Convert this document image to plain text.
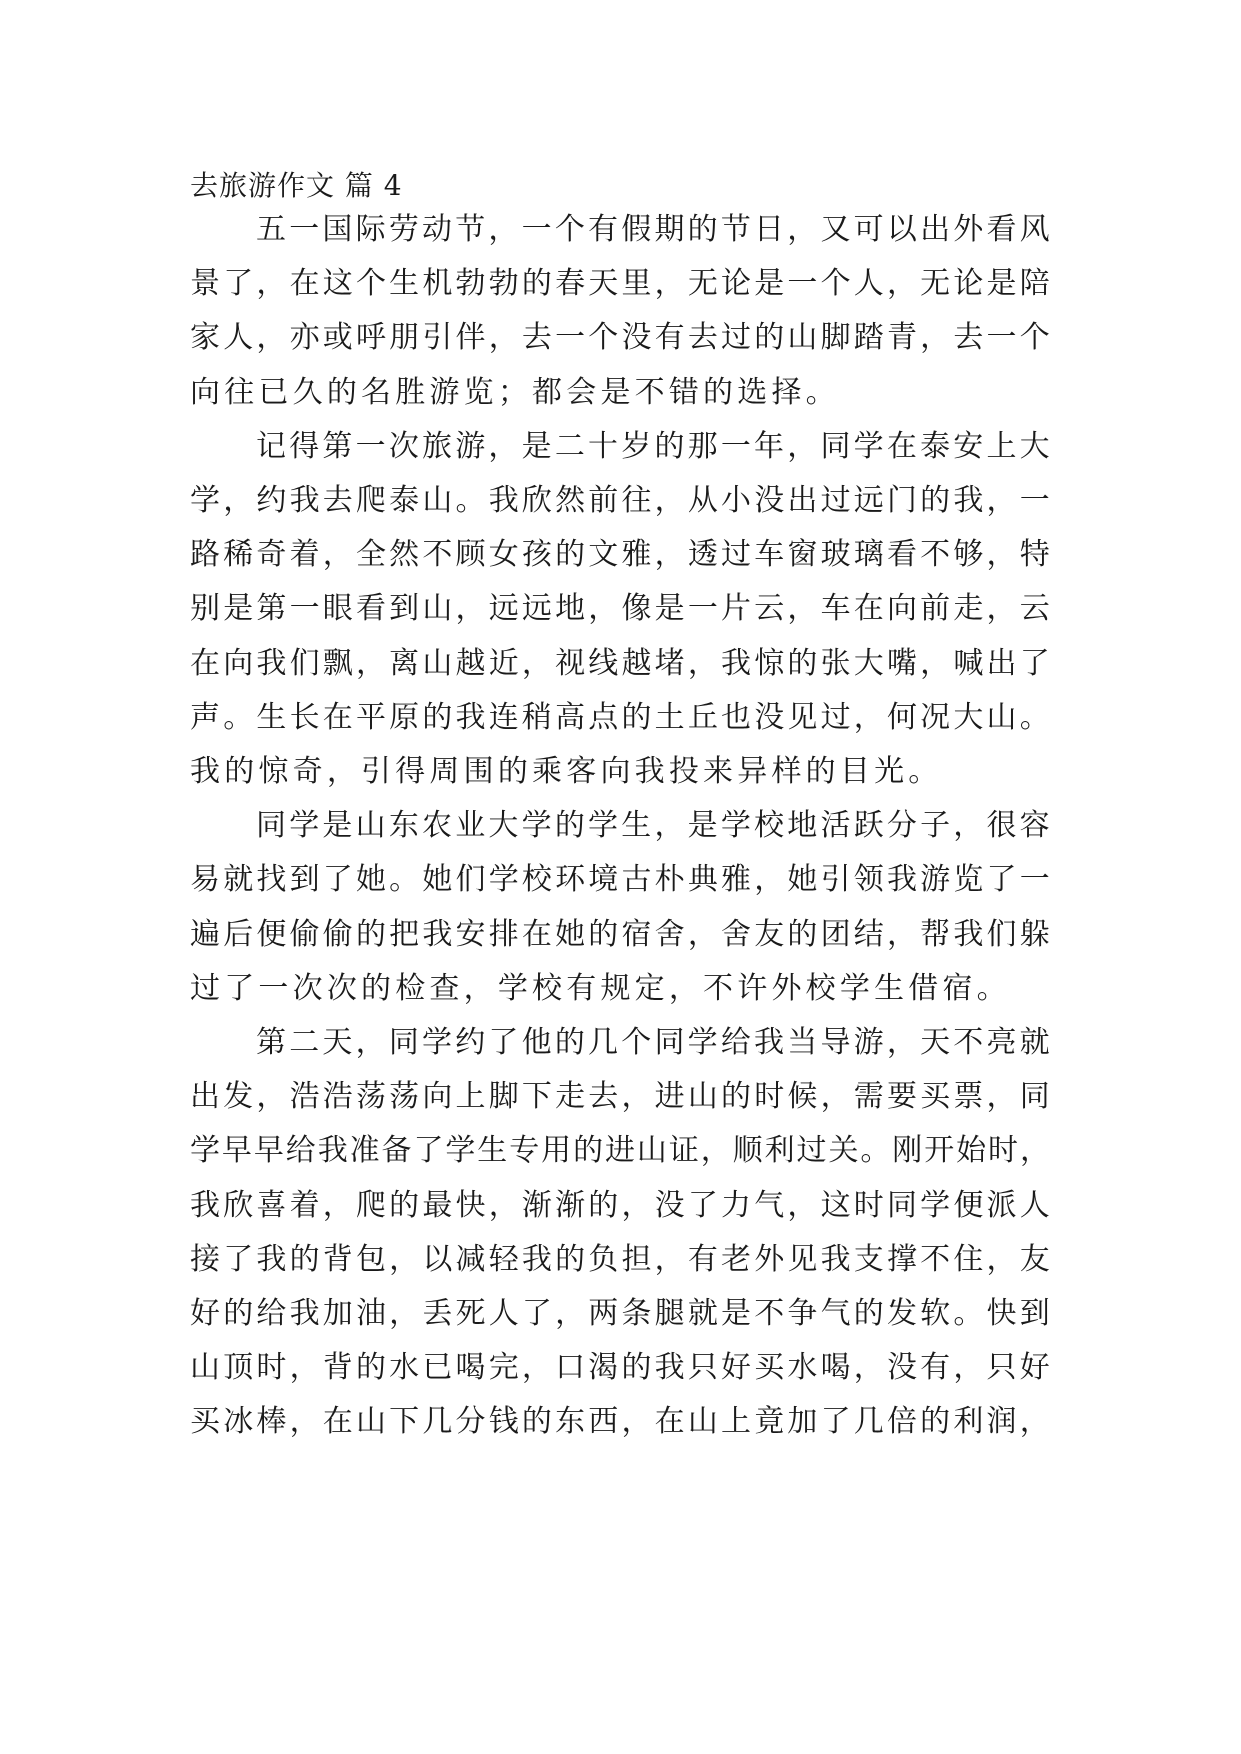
去旅游作文 篇 4
五 一 国 际 劳 动 节 ， 一 个 有 假 期 的 节 日 ， 又 可 以 出 外 看 风
景 了 ， 在 这 个 生 机 勃 勃 的 春 天 里 ， 无 论 是 一 个 人 ， 无 论 是 陪
家 人 ， 亦 或 呼 朋 引 伴 ， 去 一 个 没 有 去 过 的 山 脚 踏 青 ， 去 一 个
向 往 已 久 的 名 胜 游 览 ； 都 会 是 不 错 的 选 择 。
记 得 第 一 次 旅 游 ， 是 二 十 岁 的 那 一 年 ， 同 学 在 泰 安 上 大
学 ， 约 我 去 爬 泰 山 。 我 欣 然 前 往 ， 从 小 没 出 过 远 门 的 我 ， 一
路 稀 奇 着 ， 全 然 不 顾 女 孩 的 文 雅 ， 透 过 车 窗 玻 璃 看 不 够 ， 特
别 是 第 一 眼 看 到 山 ， 远 远 地 ， 像 是 一 片 云 ， 车 在 向 前 走 ， 云
在 向 我 们 飘 ， 离 山 越 近 ， 视 线 越 堵 ， 我 惊 的 张 大 嘴 ， 喊 出 了
声 。 生 长 在 平 原 的 我 连 稍 高 点 的 土 丘 也 没 见 过 ， 何 况 大 山 。
我 的 惊 奇 ， 引 得 周 围 的 乘 客 向 我 投 来 异 样 的 目 光 。
同 学 是 山 东 农 业 大 学 的 学 生 ， 是 学 校 地 活 跃 分 子 ， 很 容
易 就 找 到 了 她 。 她 们 学 校 环 境 古 朴 典 雅 ， 她 引 领 我 游 览 了 一
遍 后 便 偷 偷 的 把 我 安 排 在 她 的 宿 舍 ， 舍 友 的 团 结 ， 帮 我 们 躲
过 了 一 次 次 的 检 查 ， 学 校 有 规 定 ， 不 许 外 校 学 生 借 宿 。
第 二 天 ， 同 学 约 了 他 的 几 个 同 学 给 我 当 导 游 ， 天 不 亮 就
出 发 ， 浩 浩 荡 荡 向 上 脚 下 走 去 ， 进 山 的 时 候 ， 需 要 买 票 ， 同
学 早 早 给 我 准 备 了 学 生 专 用 的 进 山 证 ， 顺 利 过 关 。 刚 开 始 时 ，
我 欣 喜 着 ， 爬 的 最 快 ， 渐 渐 的 ， 没 了 力 气 ， 这 时 同 学 便 派 人
接 了 我 的 背 包 ， 以 减 轻 我 的 负 担 ， 有 老 外 见 我 支 撑 不 住 ， 友
好 的 给 我 加 油 ， 丢 死 人 了 ， 两 条 腿 就 是 不 争 气 的 发 软 。 快 到
山 顶 时 ， 背 的 水 已 喝 完 ， 口 渴 的 我 只 好 买 水 喝 ， 没 有 ， 只 好
买 冰 棒 ， 在 山 下 几 分 钱 的 东 西 ， 在 山 上 竟 加 了 几 倍 的 利 润 ，
